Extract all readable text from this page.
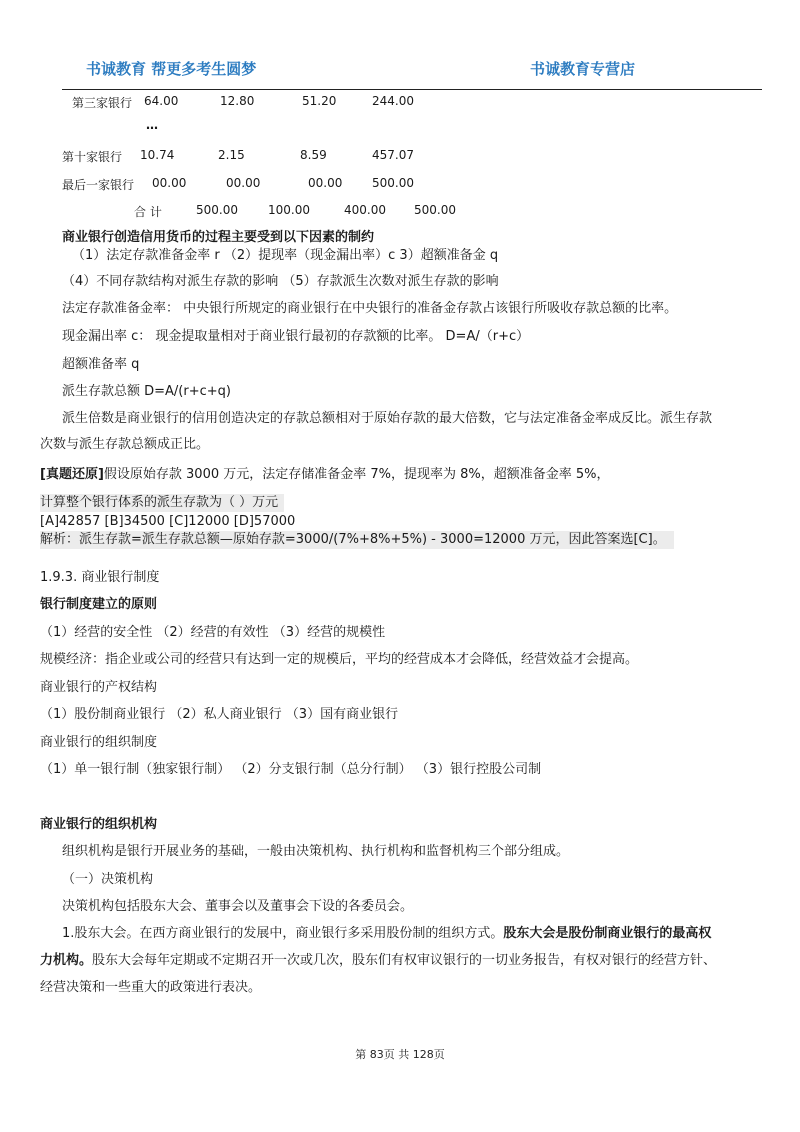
书诚教育 帮更多考生圆梦	书诚教育专营店
第三家银行 64.00	12.80	51.20	244.00
…
第十家银行 10.74	2.15	8.59	457.07
最后一家银行 00.00	00.00	00.00 500.00
合 计	500.00	100.00	400.00 500.00
商业银行创造信用货币的过程主要受到以下因素的制约
（1）法定存款准备金率 r （2）提现率（现金漏出率）c 3）超额准备金 q
（4）不同存款结构对派生存款的影响 （5）存款派生次数对派生存款的影响
法定存款准备金率： 中央银行所规定的商业银行在中央银行的准备金存款占该银行所吸收存款总额的比率。
现金漏出率 c： 现金提取量相对于商业银行最初的存款额的比率。 D=A/（r+c）
超额准备率 q
派生存款总额 D=A/(r+c+q)
派生倍数是商业银行的信用创造决定的存款总额相对于原始存款的最大倍数，它与法定准备金率成反比。派生存款
次数与派生存款总额成正比。
[真题还原]假设原始存款 3000 万元，法定存储准备金率 7%，提现率为 8%，超额准备金率 5%，
计算整个银行体系的派生存款为（ ）万元
[A]42857 [B]34500 [C]12000 [D]57000
解析：派生存款=派生存款总额—原始存款=3000/(7%+8%+5%) - 3000=12000 万元，因此答案选[C]。
1.9.3. 商业银行制度
银行制度建立的原则
（1）经营的安全性 （2）经营的有效性 （3）经营的规模性
规模经济：指企业或公司的经营只有达到一定的规模后，平均的经营成本才会降低，经营效益才会提高。
商业银行的产权结构
（1）股份制商业银行 （2）私人商业银行 （3）国有商业银行
商业银行的组织制度
（1）单一银行制（独家银行制） （2）分支银行制（总分行制） （3）银行控股公司制
商业银行的组织机构
组织机构是银行开展业务的基础，一般由决策机构、执行机构和监督机构三个部分组成。
（一）决策机构
决策机构包括股东大会、董事会以及董事会下设的各委员会。
1.股东大会。在西方商业银行的发展中，商业银行多采用股份制的组织方式。股东大会是股份制商业银行的最高权
力机构。股东大会每年定期或不定期召开一次或几次，股东们有权审议银行的一切业务报告，有权对银行的经营方针、
经营决策和一些重大的政策进行表决。
第 83页 共 128页
